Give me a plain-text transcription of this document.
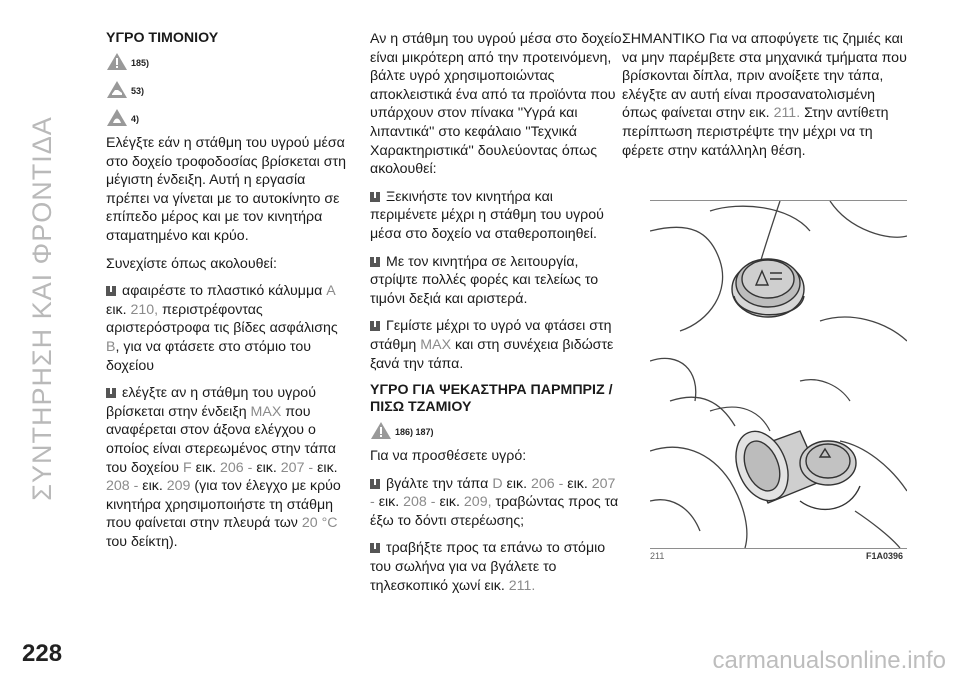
ΣΥΝΤΗΡΗΣΗ ΚΑΙ ΦΡΟΝΤΙΔΑ
228	carmanualsonline.info
ΥΓΡΟ ΤΙΜΟΝΙΟΥ
185)
53)
4)

Ελέγξτε εάν η στάθμη του υγρού μέσα στο δοχείο τροφοδοσίας βρίσκεται στη μέγιστη ένδειξη. Αυτή η εργασία πρέπει να γίνεται με το αυτοκίνητο σε επίπεδο μέρος και με τον κινητήρα σταματημένο και κρύο.

Συνεχίστε όπως ακολουθεί:

αφαιρέστε το πλαστικό κάλυμμα A εικ. 210, περιστρέφοντας αριστερόστροφα τις βίδες ασφάλισης B, για να φτάσετε στο στόμιο του δοχείου
ελέγξτε αν η στάθμη του υγρού βρίσκεται στην ένδειξη MAX που αναφέρεται στον άξονα ελέγχου ο οποίος είναι στερεωμένος στην τάπα του δοχείου F εικ. 206 - εικ. 207 - εικ. 208 - εικ. 209 (για τον έλεγχο με κρύο κινητήρα χρησιμοποιήστε τη στάθμη που φαίνεται στην πλευρά των 20 °C του δείκτη).

Αν η στάθμη του υγρού μέσα στο δοχείο είναι μικρότερη από την προτεινόμενη, βάλτε υγρό χρησιμοποιώντας αποκλειστικά ένα από τα προϊόντα που υπάρχουν στον πίνακα ''Υγρά και λιπαντικά'' στο κεφάλαιο ''Τεχνικά Χαρακτηριστικά'' δουλεύοντας όπως ακολουθεί:

Ξεκινήστε τον κινητήρα και περιμένετε μέχρι η στάθμη του υγρού μέσα στο δοχείο να σταθεροποιηθεί.
Με τον κινητήρα σε λειτουργία, στρίψτε πολλές φορές και τελείως το τιμόνι δεξιά και αριστερά.
Γεμίστε μέχρι το υγρό να φτάσει στη στάθμη MAX και στη συνέχεια βιδώστε ξανά την τάπα.
ΥΓΡΟ ΓΙΑ ΨΕΚΑΣΤΗΡΑ ΠΑΡΜΠΡΙΖ / ΠΙΣΩ ΤΖΑΜΙΟΥ
186) 187)

Για να προσθέσετε υγρό:

βγάλτε την τάπα D εικ. 206 - εικ. 207 - εικ. 208 - εικ. 209, τραβώντας προς τα έξω το δόντι στερέωσης;
τραβήξτε προς τα επάνω το στόμιο του σωλήνα για να βγάλετε το τηλεσκοπικό χωνί εικ. 211.

ΣΗΜΑΝΤΙΚΟ Για να αποφύγετε τις ζημιές και να μην παρέμβετε στα μηχανικά τμήματα που βρίσκονται δίπλα, πριν ανοίξετε την τάπα, ελέγξτε αν αυτή είναι προσανατολισμένη όπως φαίνεται στην εικ. 211. Στην αντίθετη περίπτωση περιστρέψτε την μέχρι να τη φέρετε στην κατάλληλη θέση.

211	F1A0396
